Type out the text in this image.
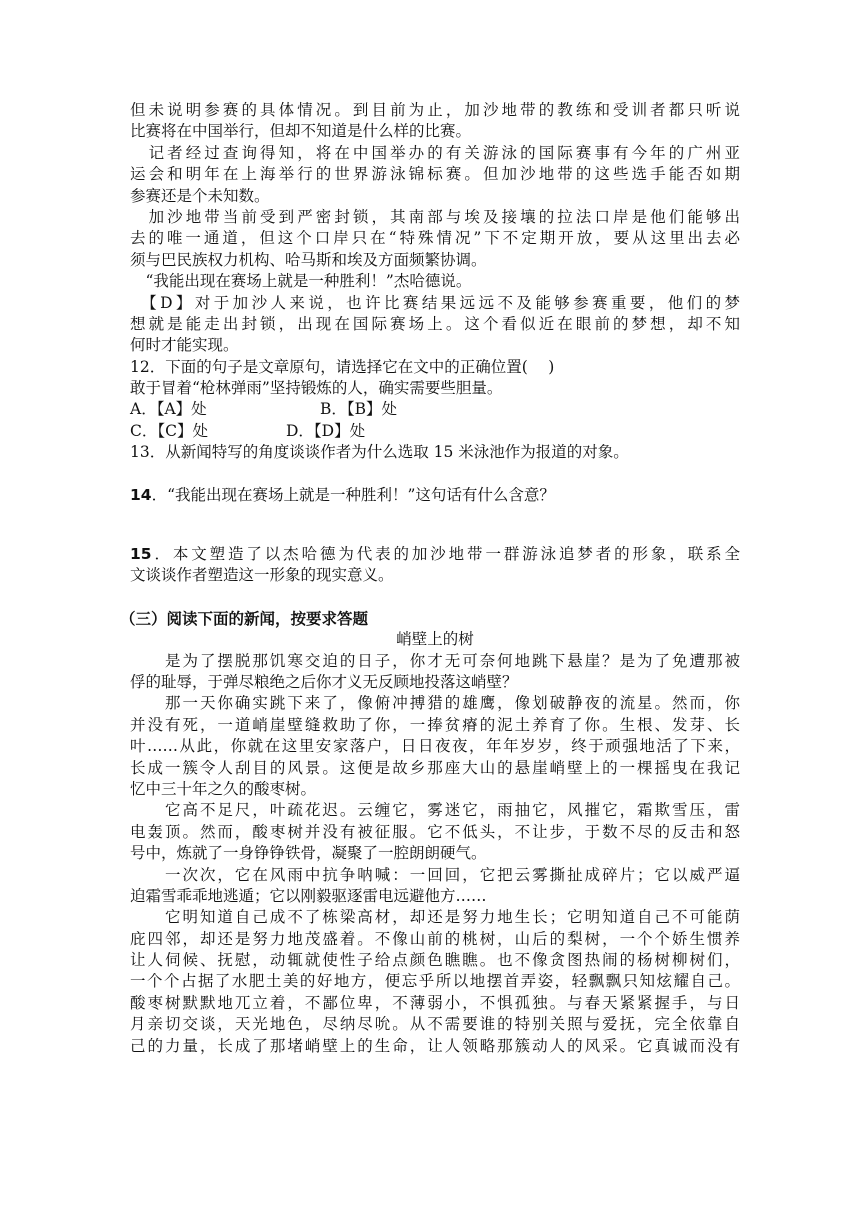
但未说明参赛的具体情况。到目前为止，加沙地带的教练和受训者都只听说
比赛将在中国举行，但却不知道是什么样的比赛。
　记者经过查询得知，将在中国举办的有关游泳的国际赛事有今年的广州亚
运会和明年在上海举行的世界游泳锦标赛。但加沙地带的这些选手能否如期
参赛还是个未知数。
　加沙地带当前受到严密封锁，其南部与埃及接壤的拉法口岸是他们能够出
去的唯一通道，但这个口岸只在“特殊情况”下不定期开放，要从这里出去必
须与巴民族权力机构、哈马斯和埃及方面频繁协调。
　“我能出现在赛场上就是一种胜利！”杰哈德说。
　【D】对于加沙人来说，也许比赛结果远远不及能够参赛重要，他们的梦
想就是能走出封锁，出现在国际赛场上。这个看似近在眼前的梦想，却不知
何时才能实现。
12．下面的句子是文章原句，请选择它在文中的正确位置(　 )
敢于冒着“枪林弹雨”坚持锻炼的人，确实需要些胆量。
A．【A】处	B．【B】处
C．【C】处	D．【D】处
13．从新闻特写的角度谈谈作者为什么选取 15 米泳池作为报道的对象。
14．“我能出现在赛场上就是一种胜利！”这句话有什么含意？
15．本文塑造了以杰哈德为代表的加沙地带一群游泳追梦者的形象，联系全
文谈谈作者塑造这一形象的现实意义。
（三）阅读下面的新闻，按要求答题
峭壁上的树
　　是为了摆脱那饥寒交迫的日子，你才无可奈何地跳下悬崖？是为了免遭那被
俘的耻辱，于弹尽粮绝之后你才义无反顾地投落这峭壁？
　　那一天你确实跳下来了，像俯冲搏猎的雄鹰，像划破静夜的流星。然而，你
并没有死，一道峭崖壁缝救助了你，一捧贫瘠的泥土养育了你。生根、发芽、长
叶……从此，你就在这里安家落户，日日夜夜，年年岁岁，终于顽强地活了下来，
长成一簇令人刮目的风景。这便是故乡那座大山的悬崖峭壁上的一棵摇曳在我记
忆中三十年之久的酸枣树。
　　它高不足尺，叶疏花迟。云缠它，雾迷它，雨抽它，风摧它，霜欺雪压，雷
电轰顶。然而，酸枣树并没有被征服。它不低头，不让步，于数不尽的反击和怒
号中，炼就了一身铮铮铁骨，凝聚了一腔朗朗硬气。
　　一次次，它在风雨中抗争呐喊：一回回，它把云雾撕扯成碎片；它以威严逼
迫霜雪乖乖地逃遁；它以刚毅驱逐雷电远避他方……
　　它明知道自己成不了栋梁高材，却还是努力地生长；它明知道自己不可能荫
庇四邻，却还是努力地茂盛着。不像山前的桃树，山后的梨树，一个个娇生惯养
让人伺候、抚慰，动辄就使性子给点颜色瞧瞧。也不像贪图热闹的杨树柳树们，
一个个占据了水肥土美的好地方，便忘乎所以地摆首弄姿，轻飘飘只知炫耀自己。
酸枣树默默地兀立着，不鄙位卑，不薄弱小，不惧孤独。与春天紧紧握手，与日
月亲切交谈，天光地色，尽纳尽吮。从不需要谁的特别关照与爱抚，完全依靠自
己的力量，长成了那堵峭壁上的生命，让人领略那簇动人的风采。它真诚而没有
